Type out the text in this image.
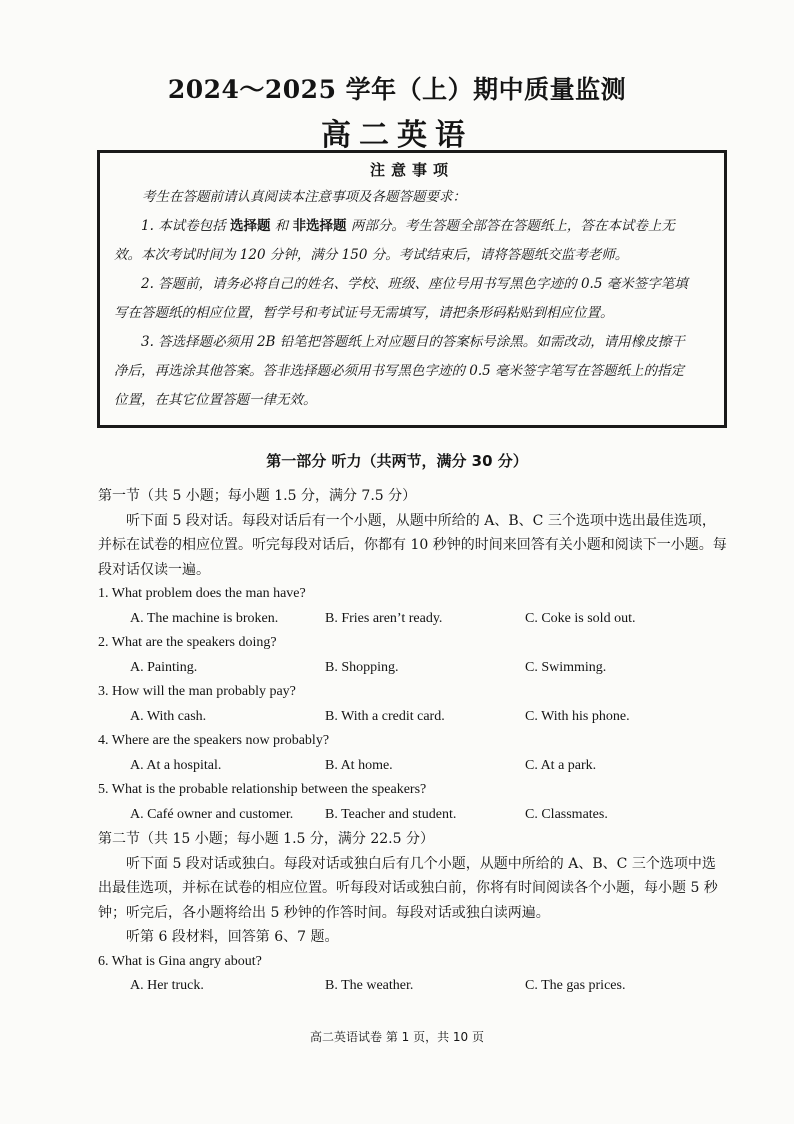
2024～2025 学年（上）期中质量监测
高二英语
注意事项

考生在答题前请认真阅读本注意事项及各题答题要求：

1. 本试卷包括 选择题 和 非选择题 两部分。考生答题全部答在答题纸上，答在本试卷上无

效。本次考试时间为 120 分钟，满分 150 分。考试结束后，请将答题纸交监考老师。

2. 答题前，请务必将自己的姓名、学校、班级、座位号用书写黑色字迹的 0.5 毫米签字笔填

写在答题纸的相应位置，暂学号和考试证号无需填写，请把条形码粘贴到相应位置。

3. 答选择题必须用 2B 铅笔把答题纸上对应题目的答案标号涂黑。如需改动，请用橡皮擦干

净后，再选涂其他答案。答非选择题必须用书写黑色字迹的 0.5 毫米签字笔写在答题纸上的指定

位置，在其它位置答题一律无效。

第一部分 听力（共两节，满分 30 分）
第一节（共 5 小题；每小题 1.5 分，满分 7.5 分）
听下面 5 段对话。每段对话后有一个小题，从题中所给的 A、B、C 三个选项中选出最佳选项，
并标在试卷的相应位置。听完每段对话后，你都有 10 秒钟的时间来回答有关小题和阅读下一小题。每
段对话仅读一遍。
1. What problem does the man have?
A. The machine is broken.	B. Fries aren’t ready.	C. Coke is sold out.
2. What are the speakers doing?
A. Painting.	B. Shopping.	C. Swimming.
3. How will the man probably pay?
A. With cash.	B. With a credit card.	C. With his phone.
4. Where are the speakers now probably?
A. At a hospital.	B. At home.	C. At a park.
5. What is the probable relationship between the speakers?
A. Café owner and customer.	B. Teacher and student.	C. Classmates.
第二节（共 15 小题；每小题 1.5 分，满分 22.5 分）
听下面 5 段对话或独白。每段对话或独白后有几个小题，从题中所给的 A、B、C 三个选项中选
出最佳选项，并标在试卷的相应位置。听每段对话或独白前，你将有时间阅读各个小题，每小题 5 秒
钟；听完后，各小题将给出 5 秒钟的作答时间。每段对话或独白读两遍。
听第 6 段材料，回答第 6、7 题。
6. What is Gina angry about?
A. Her truck.	B. The weather.	C. The gas prices.
高二英语试卷 第 1 页，共 10 页
